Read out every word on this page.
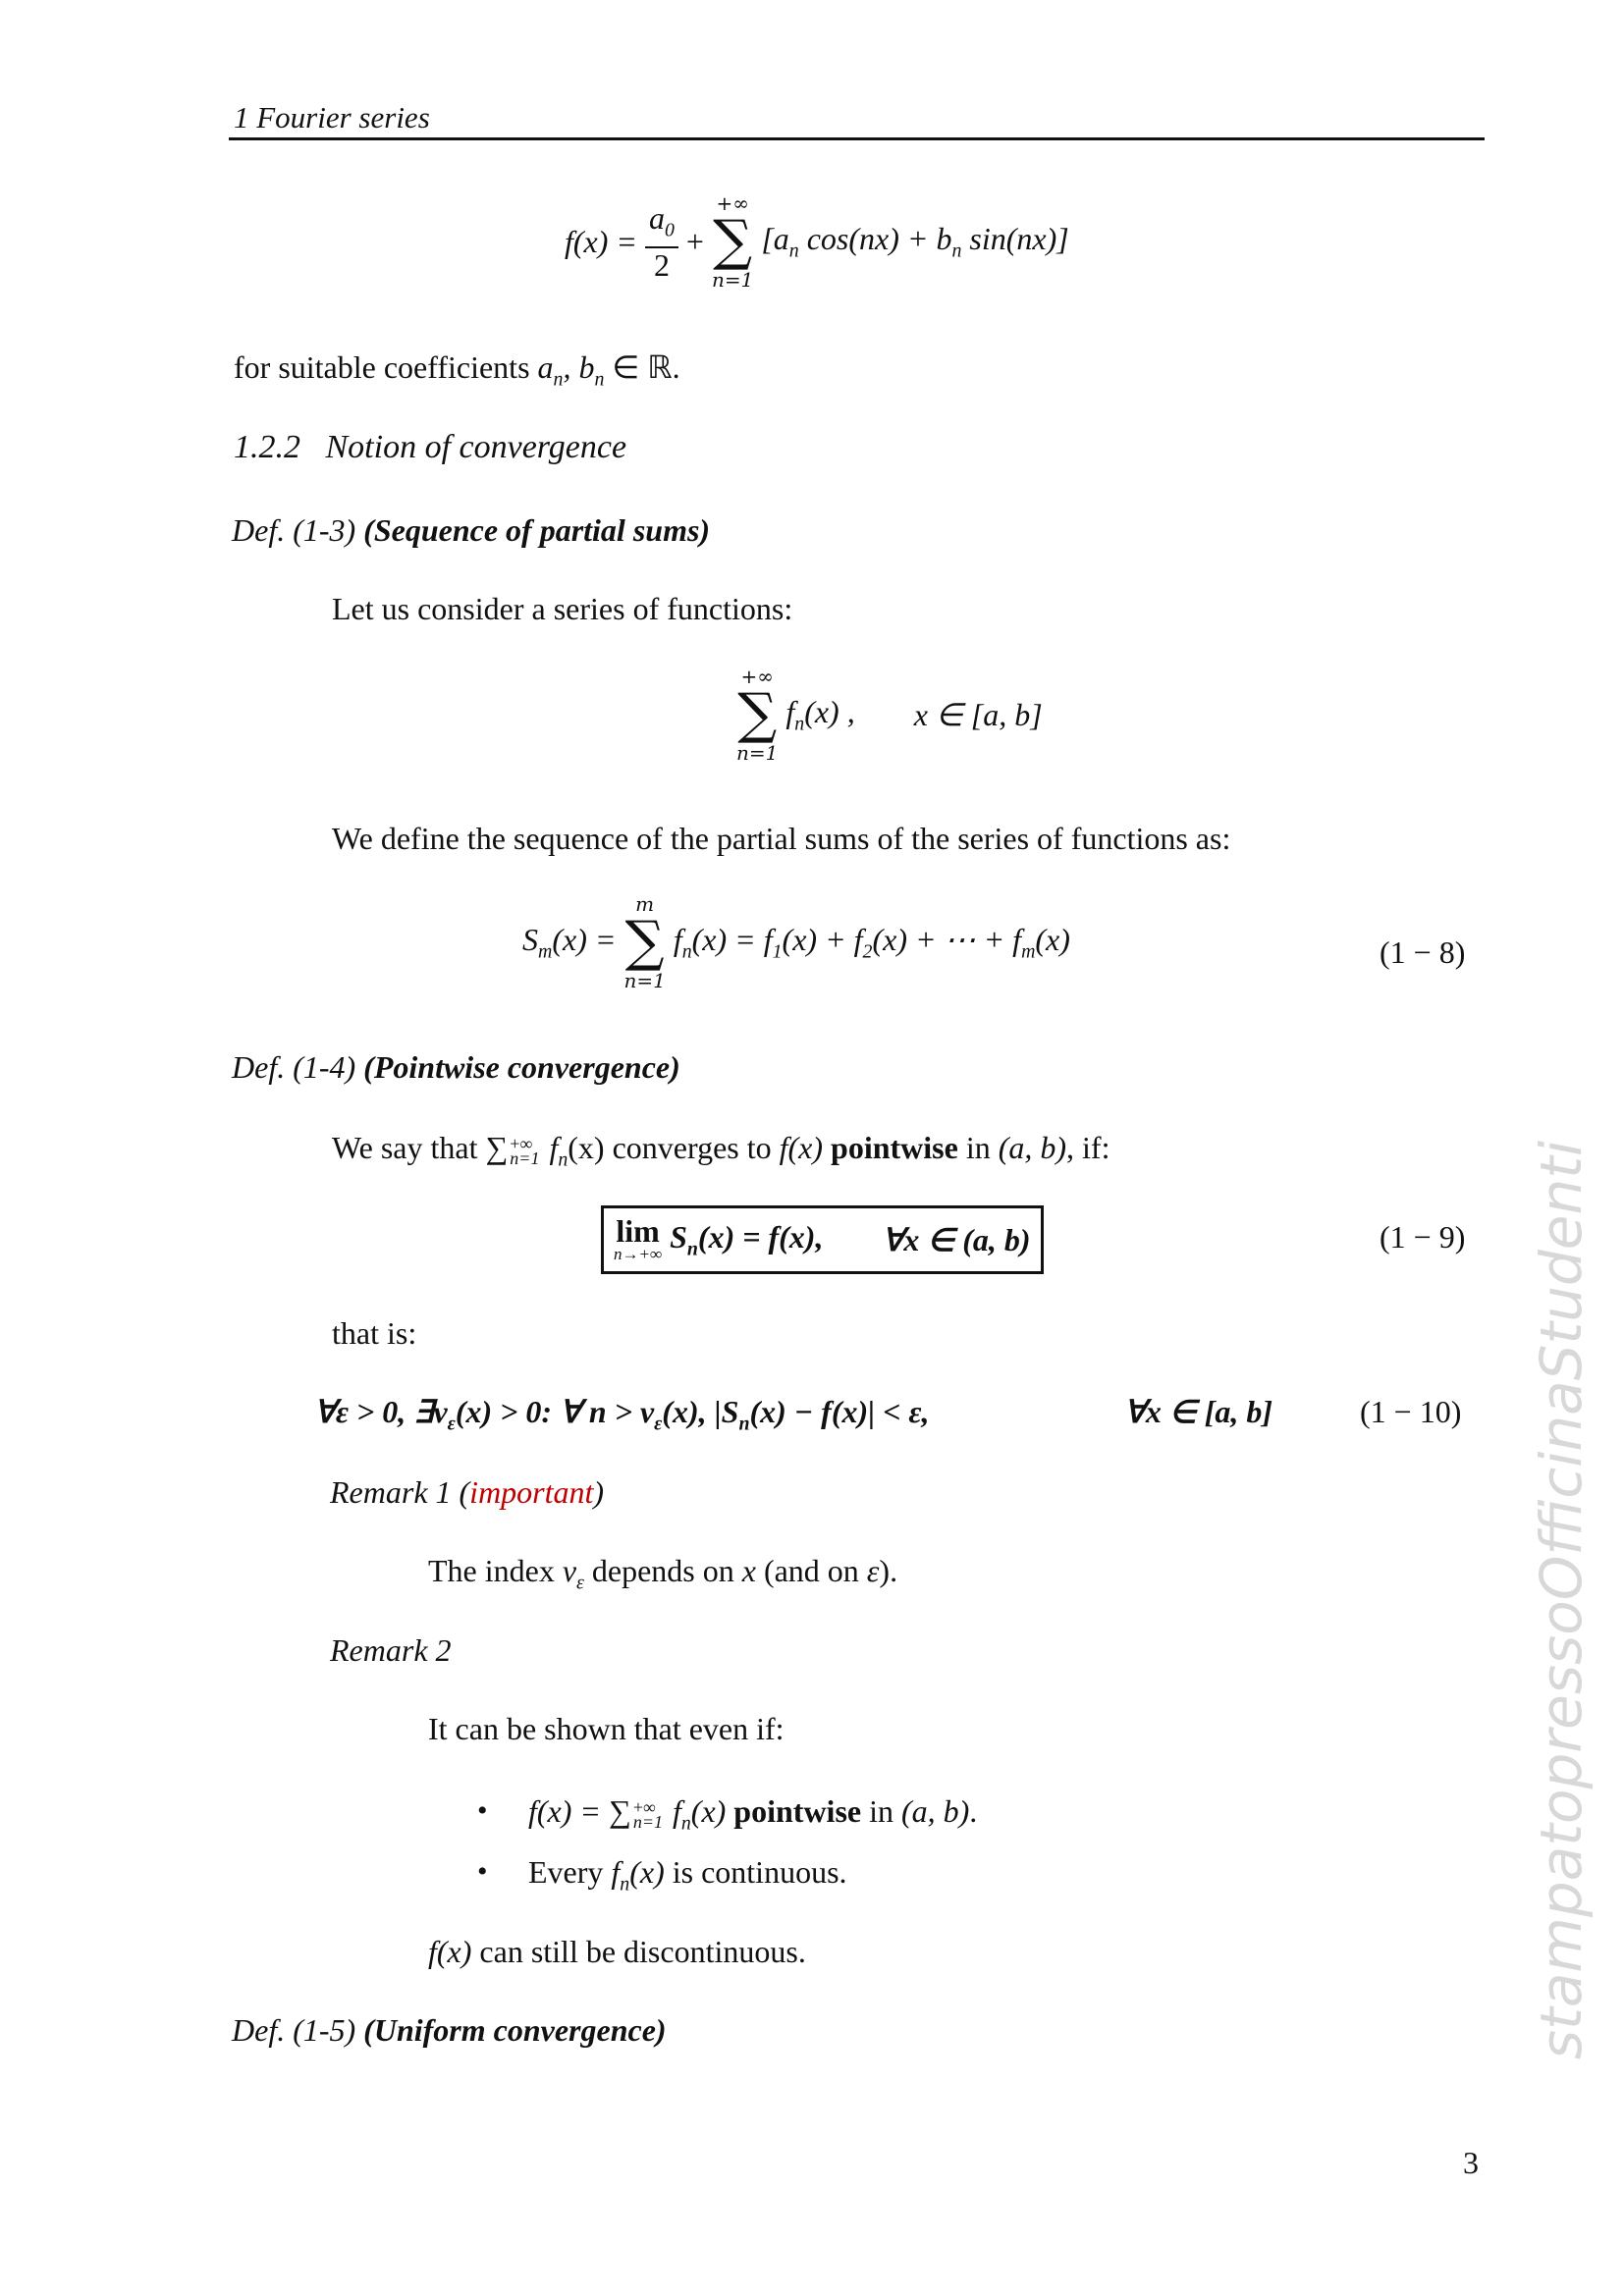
1 Fourier series
$f(x) = \frac{a_0}{2}$ +
+∞
∑
n=1
[$a_n$ $\cos(nx) + b_n$ sin(nx)]
for suitable coefficients $a_n$, $b_n$ ∈ ℝ.
1.2.2 Notion of convergence
Def. (1-3) (Sequence of partial sums)
Let us consider a series of functions:
+∞
∑
n=1
$f_n(x)$ , x ∈ [a, b]
We define the sequence of the partial sums of the series of functions as:
$S_m(x)$ =
m
∑
n=1
$f_n(x) = f_1(x) + f_2(x)$ + ⋯ + $f_m(x)$	(1 − 8)
Def. (1-4) (Pointwise convergence)
We say that ∑ +∞
n=1 $f_n(x)$ converges to f(x) pointwise in (a, b), if:
lim
n→+∞ $S_n(x) = f(x)$, ∀x ∈ (a, b)	(1 − 9)
that is:
∀ε > 0, $\exists v_\varepsilon(x) > 0$: ∀ $n > v_\varepsilon(x)$, $|S_n(x) - f(x)| < \varepsilon$,	∀x ∈ [a, b]	(1 − 10)
Remark 1 (important)
The index $v_\varepsilon$ depends on x (and on ε).
Remark 2
It can be shown that even if:
• f(x) = ∑ +∞
n=1 $f_n(x)$ pointwise in (a, b).
• Every $f_n(x)$ is continuous.
f(x) can still be discontinuous.
Def. (1-5) (Uniform convergence)
3
stampatopressoOfficinaStudenti
